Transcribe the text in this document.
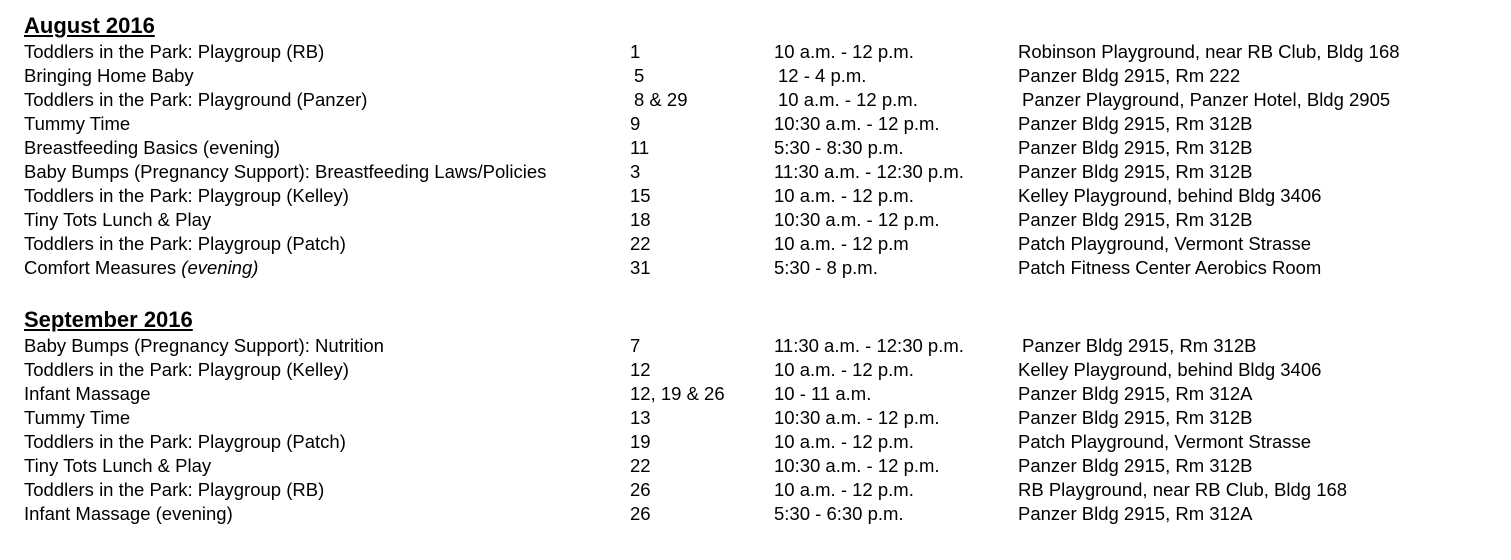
August 2016
Toddlers in the Park: Playgroup (RB)	1	10 a.m. - 12 p.m.	Robinson Playground, near RB Club, Bldg 168
Bringing Home Baby	5	12 - 4 p.m.	Panzer Bldg 2915, Rm 222
Toddlers in the Park: Playground (Panzer)	8 & 29	10 a.m. - 12 p.m.	Panzer Playground, Panzer Hotel, Bldg 2905
Tummy Time	9	10:30 a.m. - 12 p.m.	Panzer Bldg 2915, Rm 312B
Breastfeeding Basics (evening)	11	5:30 - 8:30 p.m.	Panzer Bldg 2915, Rm 312B
Baby Bumps (Pregnancy Support): Breastfeeding Laws/Policies	3	11:30 a.m. - 12:30 p.m.	Panzer Bldg 2915, Rm 312B
Toddlers in the Park: Playgroup (Kelley)	15	10 a.m. - 12 p.m.	Kelley Playground, behind Bldg 3406
Tiny Tots Lunch & Play	18	10:30 a.m. - 12 p.m.	Panzer Bldg 2915, Rm 312B
Toddlers in the Park: Playgroup (Patch)	22	10 a.m. - 12 p.m	Patch Playground, Vermont Strasse
Comfort Measures (evening)	31	5:30 - 8 p.m.	Patch Fitness Center Aerobics Room
September 2016
Baby Bumps (Pregnancy Support): Nutrition	7	11:30 a.m. - 12:30 p.m.	Panzer Bldg 2915, Rm 312B
Toddlers in the Park: Playgroup (Kelley)	12	10 a.m. - 12 p.m.	Kelley Playground, behind Bldg 3406
Infant Massage	12, 19 & 26	10 - 11 a.m.	Panzer Bldg 2915, Rm 312A
Tummy Time	13	10:30 a.m. - 12 p.m.	Panzer Bldg 2915, Rm 312B
Toddlers in the Park: Playgroup (Patch)	19	10 a.m. - 12 p.m.	Patch Playground, Vermont Strasse
Tiny Tots Lunch & Play	22	10:30 a.m. - 12 p.m.	Panzer Bldg 2915, Rm 312B
Toddlers in the Park: Playgroup (RB)	26	10 a.m. - 12 p.m.	RB Playground, near RB Club, Bldg 168
Infant Massage (evening)	26	5:30 - 6:30 p.m.	Panzer Bldg 2915, Rm 312A
